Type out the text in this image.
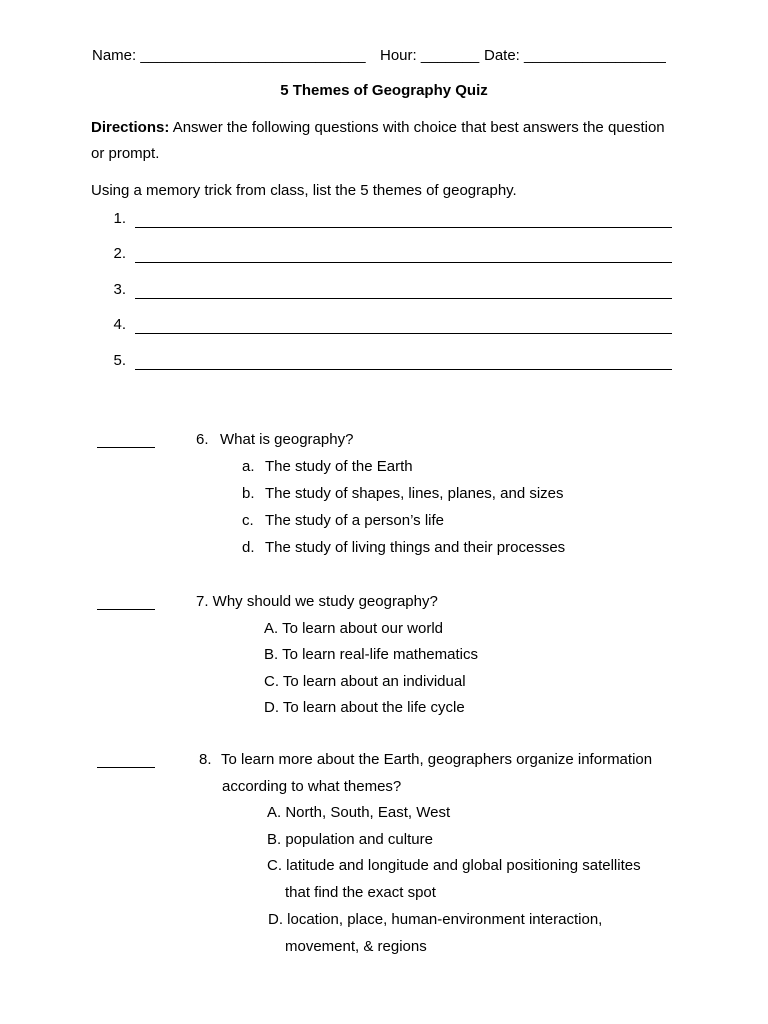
Name: ___________________________ Hour: _______ Date: _________________
5 Themes of Geography Quiz
Directions: Answer the following questions with choice that best answers the question
or prompt.
Using a memory trick from class, list the 5 themes of geography.
1.
2.
3.
4.
5.
6. What is geography?
a. The study of the Earth
b. The study of shapes, lines, planes, and sizes
c. The study of a person’s life
d. The study of living things and their processes
7. Why should we study geography?
A. To learn about our world
B. To learn real-life mathematics
C. To learn about an individual
D. To learn about the life cycle
8. To learn more about the Earth, geographers organize information
according to what themes?
A. North, South, East, West
B. population and culture
C. latitude and longitude and global positioning satellites
that find the exact spot
D. location, place, human-environment interaction,
movement, & regions
